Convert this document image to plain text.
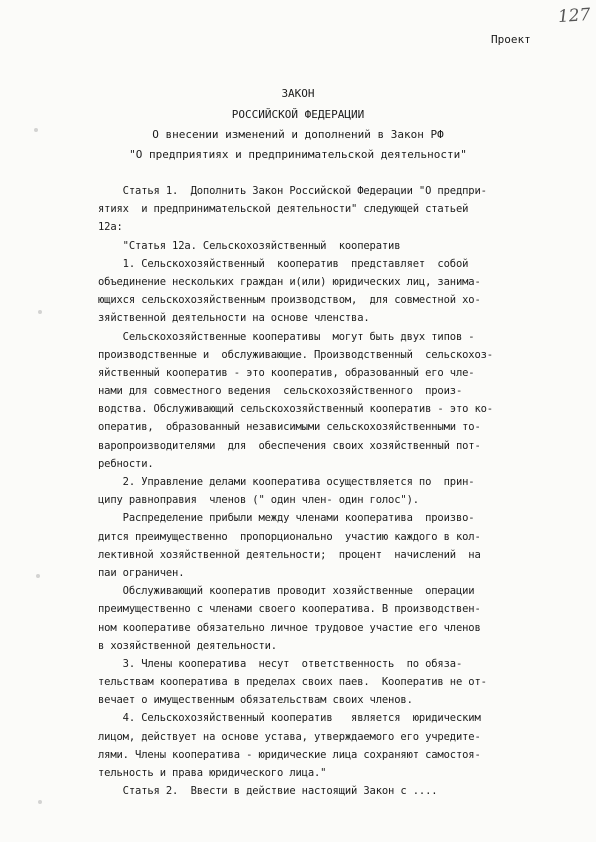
127
Проект
ЗАКОН
РОССИЙСКОЙ ФЕДЕРАЦИИ
О внесении изменений и дополнений в Закон РФ
"О предприятиях и предпринимательской деятельности"
Статья 1.  Дополнить Закон Российской Федерации "О предпри-
ятиях  и предпринимательской деятельности" следующей статьей
12а:
"Статья 12а. Сельскохозяйственный  кооператив
1. Сельскохозяйственный  кооператив  представляет  собой
объединение нескольких граждан и(или) юридических лиц, занима-
ющихся сельскохозяйственным производством,  для совместной хо-
зяйственной деятельности на основе членства.
Сельскохозяйственные кооперативы  могут быть двух типов -
производственные и  обслуживающие. Производственный  сельскохоз-
яйственный кооператив - это кооператив, образованный его чле-
нами для совместного ведения  сельскохозяйственного  произ-
водства. Обслуживающий сельскохозяйственный кооператив - это ко-
оператив,  образованный независимыми сельскохозяйственными то-
варопроизводителями  для  обеспечения своих хозяйственный пот-
ребности.
2. Управление делами кооператива осуществляется по  прин-
ципу равноправия  членов (" один член- один голос").
Распределение прибыли между членами кооператива  произво-
дится преимущественно  пропорционально  участию каждого в кол-
лективной хозяйственной деятельности;  процент  начислений  на
паи ограничен.
Обслуживающий кооператив проводит хозяйственные  операции
преимущественно с членами своего кооператива. В производствен-
ном кооперативе обязательно личное трудовое участие его членов
в хозяйственной деятельности.
3. Члены кооператива  несут  ответственность  по обяза-
тельствам кооператива в пределах своих паев.  Кооператив не от-
вечает о имущественным обязательствам своих членов.
4. Сельскохозяйственный кооператив   является  юридическим
лицом, действует на основе устава, утверждаемого его учредите-
лями. Члены кооператива - юридические лица сохраняют самостоя-
тельность и права юридического лица."
Статья 2.  Ввести в действие настоящий Закон с ....
